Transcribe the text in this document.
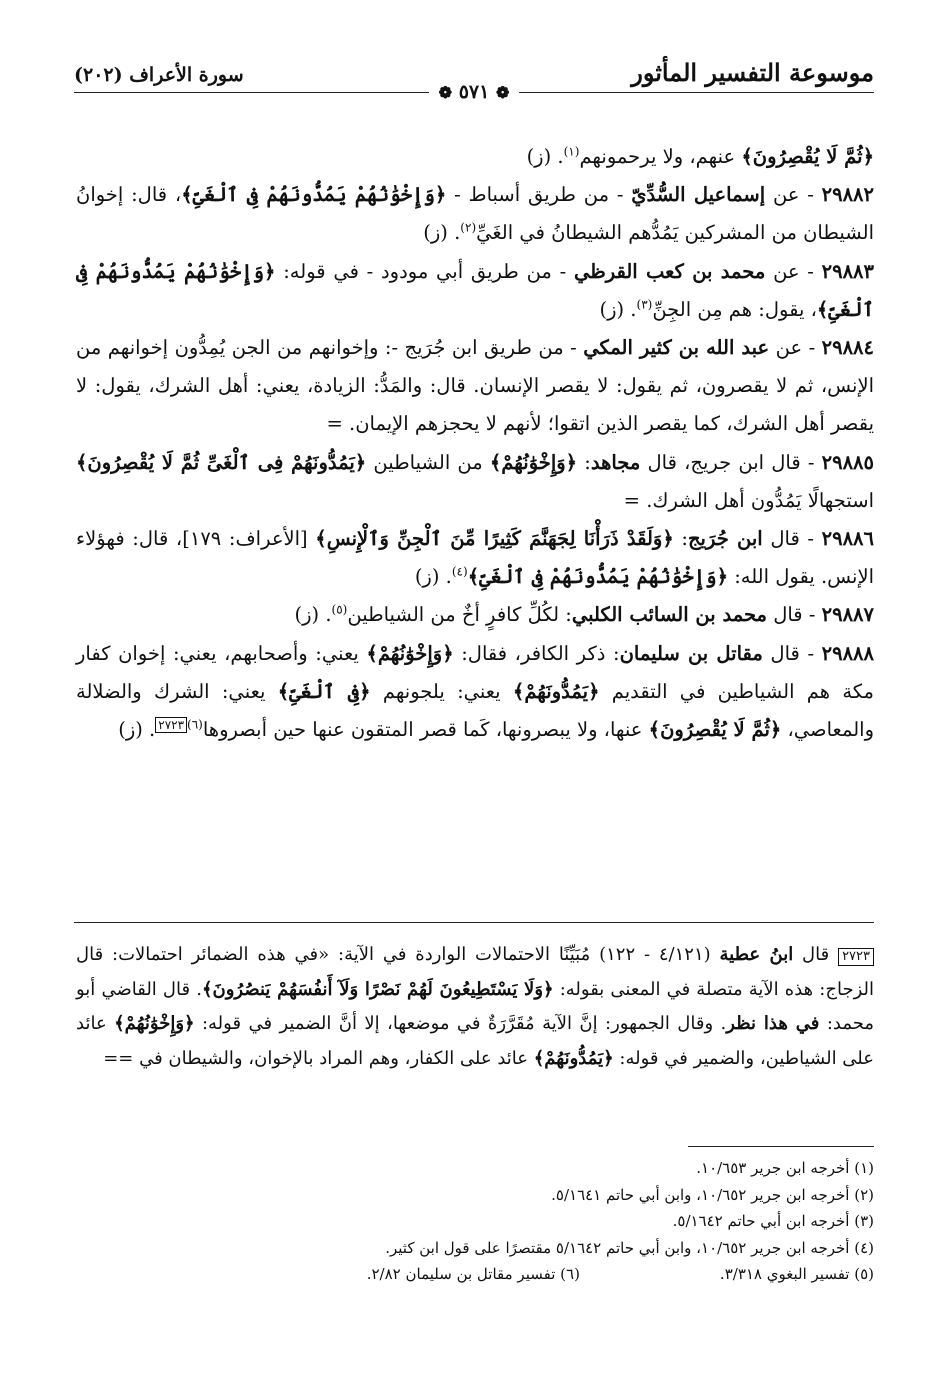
موسوعة التفسير المأثور
سورة الأعراف (٢٠٢)
❁ ٥٧١ ❁

﴿ثُمَّ لَا يُقْصِرُونَ﴾ عنهم، ولا يرحمونهم$^{(١)}$. (ز)

٢٩٨٨٢ - عن إسماعيل السُّدِّيّ - من طريق أسباط - ﴿وَإِخْوَٰنُهُمْ يَمُدُّونَهُمْ فِى ٱلْغَىِّ﴾، قال: إخوانُ الشيطان من المشركين يَمُدُّهم الشيطانُ في الغَيِّ$^{(٢)}$. (ز)

٢٩٨٨٣ - عن محمد بن كعب القرظي - من طريق أبي مودود - في قوله: ﴿وَإِخْوَٰنُهُمْ يَمُدُّونَهُمْ فِى ٱلْغَىِّ﴾، يقول: هم مِن الجِنِّ$^{(٣)}$. (ز)

٢٩٨٨٤ - عن عبد الله بن كثير المكي - من طريق ابن جُرَيج -: وإخوانهم من الجن يُمِدُّون إخوانهم من الإنس، ثم لا يقصرون، ثم يقول: لا يقصر الإنسان. قال: والمَدُّ: الزيادة، يعني: أهل الشرك، يقول: لا يقصر أهل الشرك، كما يقصر الذين اتقوا؛ لأنهم لا يحجزهم الإيمان. =

٢٩٨٨٥ - قال ابن جريج، قال مجاهد: ﴿وَإِخْوَٰنُهُمْ﴾ من الشياطين ﴿يَمُدُّونَهُمْ فِى ٱلْغَىِّ ثُمَّ لَا يُقْصِرُونَ﴾ استجهالًا يَمُدُّون أهل الشرك. =

٢٩٨٨٦ - قال ابن جُرَيج: ﴿وَلَقَدْ ذَرَأْنَا لِجَهَنَّمَ كَثِيرًا مِّنَ ٱلْجِنِّ وَٱلْإِنسِ﴾ [الأعراف: ١٧٩]، قال: فهؤلاء الإنس. يقول الله: ﴿وَإِخْوَٰنُهُمْ يَمُدُّونَهُمْ فِى ٱلْغَىِّ﴾$^{(٤)}$. (ز)

٢٩٨٨٧ - قال محمد بن السائب الكلبي: لكُلِّ كافرٍ أخٌ من الشياطين$^{(٥)}$. (ز)

٢٩٨٨٨ - قال مقاتل بن سليمان: ذكر الكافر، فقال: ﴿وَإِخْوَٰنُهُمْ﴾ يعني: وأصحابهم، يعني: إخوان كفار مكة هم الشياطين في التقديم ﴿يَمُدُّونَهُمْ﴾ يعني: يلجونهم ﴿فِى ٱلْغَىِّ﴾ يعني: الشرك والضلالة والمعاصي، ﴿ثُمَّ لَا يُقْصِرُونَ﴾ عنها، ولا يبصرونها، كَما قصر المتقون عنها حين أبصروها$^{(٦)}$٢٧٢٣. (ز)

٢٧٢٣ قال ابنُ عطية (٤/١٢١ - ١٢٢) مُبَيِّنًا الاحتمالات الواردة في الآية: «في هذه الضمائر احتمالات: قال الزجاج: هذه الآية متصلة في المعنى بقوله: ﴿وَلَا يَسْتَطِيعُونَ لَهُمْ نَصْرًا وَلَآ أَنفُسَهُمْ يَنصُرُونَ﴾. قال القاضي أبو محمد: في هذا نظر. وقال الجمهور: إنَّ الآية مُقَرَّرَةٌ في موضعها، إلا أنَّ الضمير في قوله: ﴿وَإِخْوَٰنُهُمْ﴾ عائد على الشياطين، والضمير في قوله: ﴿يَمُدُّونَهُمْ﴾ عائد على الكفار، وهم المراد بالإخوان، والشيطان في ==

(١) أخرجه ابن جرير ١٠/٦٥٣.

(٢) أخرجه ابن جرير ١٠/٦٥٢، وابن أبي حاتم ٥/١٦٤١.

(٣) أخرجه ابن أبي حاتم ٥/١٦٤٢.

(٤) أخرجه ابن جرير ١٠/٦٥٢، وابن أبي حاتم ٥/١٦٤٢ مقتصرًا على قول ابن كثير.

(٥) تفسير البغوي ٣/٣١٨.(٦) تفسير مقاتل بن سليمان ٢/٨٢.
